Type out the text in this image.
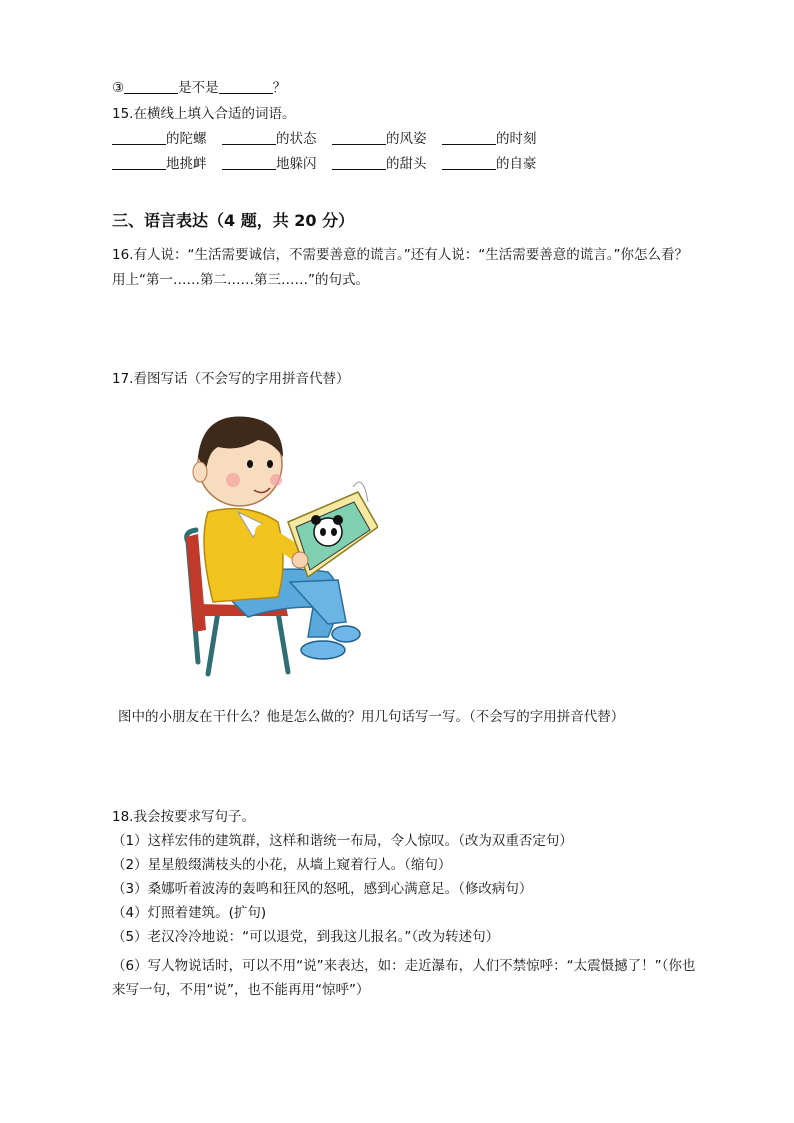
③	是不是	？
15.在横线上填入合适的词语。
的陀螺	的状态	的风姿	的时刻
地挑衅	地躲闪	的甜头	的自豪
三、语言表达（4 题，共 20 分）
16.有人说：“生活需要诚信，不需要善意的谎言。”还有人说：“生活需要善意的谎言。”你怎么看？
用上“第一……第二……第三……”的句式。
17.看图写话（不会写的字用拼音代替）
图中的小朋友在干什么？他是怎么做的？用几句话写一写。（不会写的字用拼音代替）
18.我会按要求写句子。
（1）这样宏伟的建筑群，这样和谐统一布局，令人惊叹。（改为双重否定句）
（2）星星般缀满枝头的小花，从墙上窥着行人。（缩句）
（3）桑娜听着波涛的轰鸣和狂风的怒吼，感到心满意足。（修改病句）
（4）灯照着建筑。(扩句)
（5）老汉冷冷地说：“可以退党，到我这儿报名。”（改为转述句）
（6）写人物说话时，可以不用“说”来表达，如：走近瀑布，人们不禁惊呼：“太震慑撼了！”（你也
来写一句，不用“说”，也不能再用“惊呼”）
